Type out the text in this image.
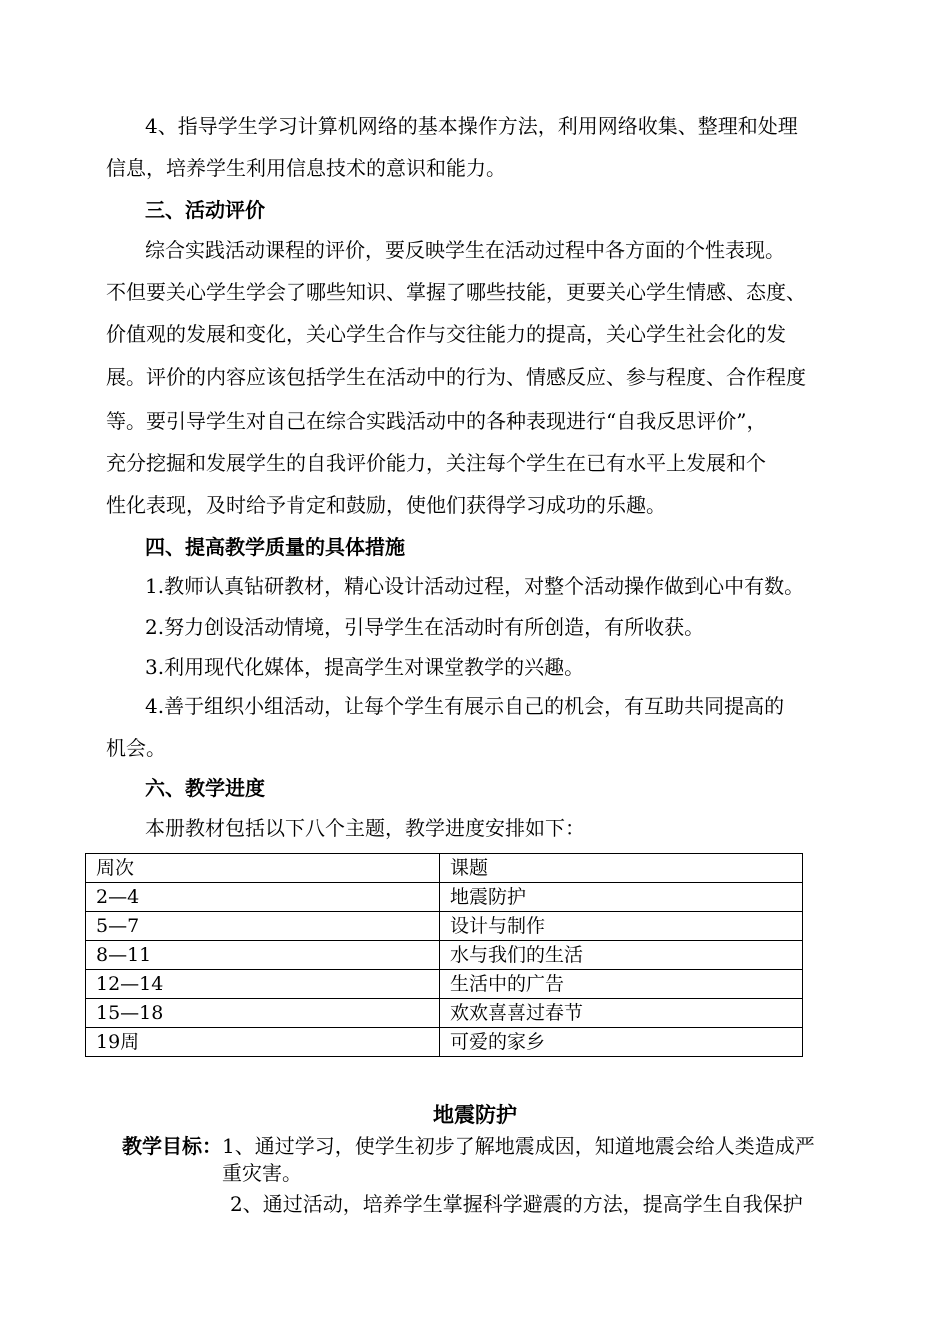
4、指导学生学习计算机网络的基本操作方法，利用网络收集、整理和处理
信息，培养学生利用信息技术的意识和能力。
三、活动评价
综合实践活动课程的评价，要反映学生在活动过程中各方面的个性表现。
不但要关心学生学会了哪些知识、掌握了哪些技能，更要关心学生情感、态度、
价值观的发展和变化，关心学生合作与交往能力的提高，关心学生社会化的发
展。评价的内容应该包括学生在活动中的行为、情感反应、参与程度、合作程度
等。要引导学生对自己在综合实践活动中的各种表现进行“自我反思评价”，
充分挖掘和发展学生的自我评价能力，关注每个学生在已有水平上发展和个
性化表现，及时给予肯定和鼓励，使他们获得学习成功的乐趣。
四、提高教学质量的具体措施
1.教师认真钻研教材，精心设计活动过程，对整个活动操作做到心中有数。
2.努力创设活动情境，引导学生在活动时有所创造，有所收获。
3.利用现代化媒体，提高学生对课堂教学的兴趣。
4.善于组织小组活动，让每个学生有展示自己的机会，有互助共同提高的
机会。
六、教学进度
本册教材包括以下八个主题，教学进度安排如下：
周次	课题
2—4	地震防护
5—7	设计与制作
8—11	水与我们的生活
12—14	生活中的广告
15—18	欢欢喜喜过春节
19周	可爱的家乡
地震防护
教学目标： 1、通过学习，使学生初步了解地震成因，知道地震会给人类造成严
重灾害。
2、通过活动，培养学生掌握科学避震的方法，提高学生自我保护
